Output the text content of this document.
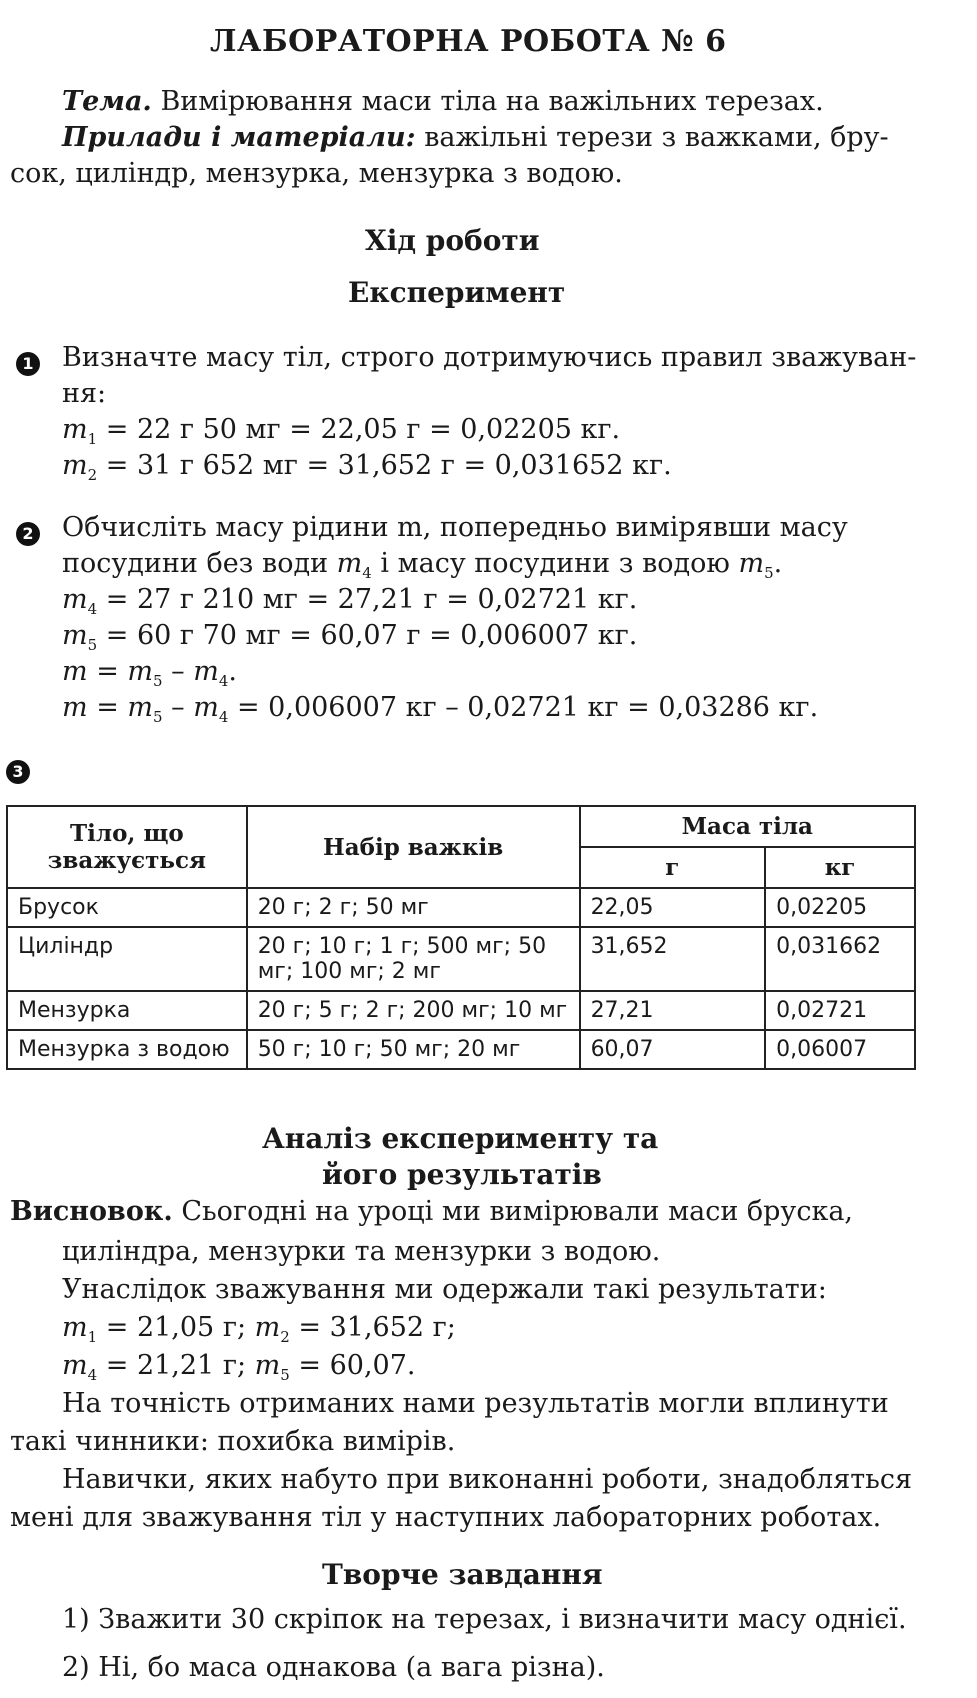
ЛАБОРАТОРНА РОБОТА № 6
Тема. Вимірювання маси тіла на важільних терезах.
Прилади і матеріали: важільні терези з важками, бру-
сок, циліндр, мензурка, мензурка з водою.
Хід роботи
Експеримент
1 Визначте масу тіл, строго дотримуючись правил зважуван-
ня:
$m_1 = 22$ г 50 мг = 22,05 г = 0,02205 кг.
$m_2 = 31$ г 652 мг = 31,652 г = 0,031652 кг.
2 Обчисліть масу рідини m, попередньо вимірявши масу
посудини без води $m_4$ і масу посудини з водою $m_5$.
$m_4 = 27$ г 210 мг = 27,21 г = 0,02721 кг.
$m_5 = 60$ г 70 мг = 60,07 г = 0,006007 кг.
$m = m_5 - m_4$.
$m = m_5 - m_4 = 0,006007$ кг – 0,02721 кг = 0,03286 кг.
3
Тіло, що зважується	Набір важків	Маса тіла	
		г	кг
Брусок	20 г; 2 г; 50 мг	22,05	0,02205
Циліндр	20 г; 10 г; 1 г; 500 мг; 50 мг; 100 мг; 2 мг	31,652	0,031662
Мензурка	20 г; 5 г; 2 г; 200 мг; 10 мг	27,21	0,02721
Мензурка з водою	50 г; 10 г; 50 мг; 20 мг	60,07	0,06007
Аналіз експерименту та
його результатів
Висновок. Сьогодні на уроці ми вимірювали маси бруска,
циліндра, мензурки та мензурки з водою.
Унаслідок зважування ми одержали такі результати:
$m_1 = 21,05$ г; $m_2 = 31,652$ г;
$m_4 = 21,21$ г; $m_5 = 60,07$.
На точність отриманих нами результатів могли вплинути
такі чинники: похибка вимірів.
Навички, яких набуто при виконанні роботи, знадобляться
мені для зважування тіл у наступних лабораторних роботах.
Творче завдання
1) Зважити 30 скріпок на терезах, і визначити масу однієї.
2) Ні, бо маса однакова (а вага різна).
